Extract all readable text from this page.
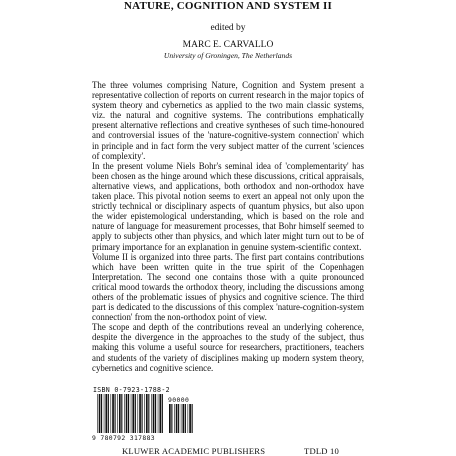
NATURE, COGNITION AND SYSTEM II
edited by
MARC E. CARVALLO
University of Groningen, The Netherlands

The three volumes comprising Nature, Cognition and System present a representative collection of reports on current research in the major topics of system theory and cybernetics as applied to the two main classic systems, viz. the natural and cognitive systems. The contributions emphatically present alternative reflections and creative syntheses of such time-honoured and controversial issues of the 'nature-cognitive-system connection' which in principle and in fact form the very subject matter of the current 'sciences of complexity'.

In the present volume Niels Bohr's seminal idea of 'complementarity' has been chosen as the hinge around which these discussions, critical appraisals, alternative views, and applications, both orthodox and non-orthodox have taken place. This pivotal notion seems to exert an appeal not only upon the strictly technical or disciplinary aspects of quantum physics, but also upon the wider epistemological understanding, which is based on the role and nature of language for measurement processes, that Bohr himself seemed to apply to subjects other than physics, and which later might turn out to be of primary importance for an explanation in genuine system-scientific context.

Volume II is organized into three parts. The first part contains contributions which have been written quite in the true spirit of the Copenhagen Interpretation. The second one contains those with a quite pronounced critical mood towards the orthodox theory, including the discussions among others of the problematic issues of physics and cognitive science. The third part is dedicated to the discussions of this complex 'nature-cognition-system connection' from the non-orthodox point of view.

The scope and depth of the contributions reveal an underlying coherence, despite the divergence in the approaches to the study of the subject, thus making this volume a useful source for researchers, practitioners, teachers and students of the variety of disciplines making up modern system theory, cybernetics and cognitive science.

ISBN 0-7923-1788-2
90000
9 780792 317883
KLUWER ACADEMIC PUBLISHERS	TDLD 10
